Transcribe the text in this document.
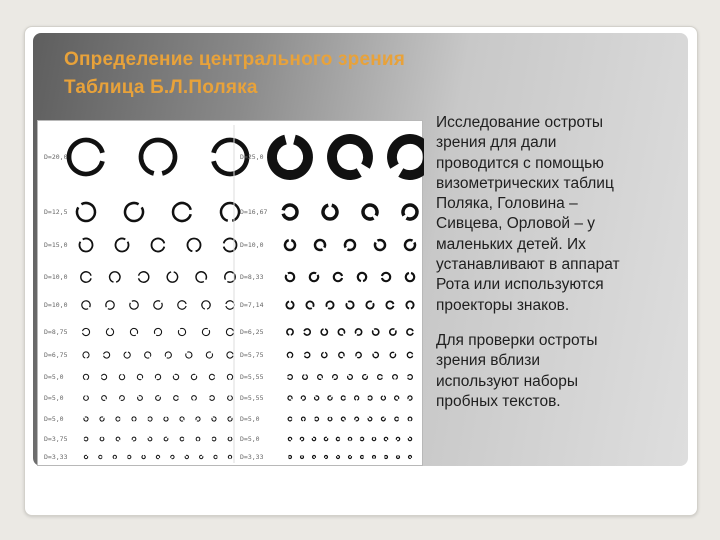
Определение центрального зрения
Таблица Б.Л.Поляка
D=20,0	D=25,0
D=12,5	D=16,67
D=15,0	D=10,0
D=10,0	D=8,33
D=10,0	D=7,14
D=8,75	D=6,25
D=6,75	D=5,75
D=5,0	D=5,55
D=5,0	D=5,55
D=5,0	D=5,0
D=3,75	D=5,0
D=3,33	D=3,33

Исследование остроты
зрения для дали
проводится с помощью
визометрических таблиц
Поляка, Головина –
Сивцева, Орловой – у
маленьких детей. Их
устанавливают в аппарат
Рота или используются
проекторы знаков.

Для проверки остроты
зрения вблизи
используют наборы
пробных текстов.
